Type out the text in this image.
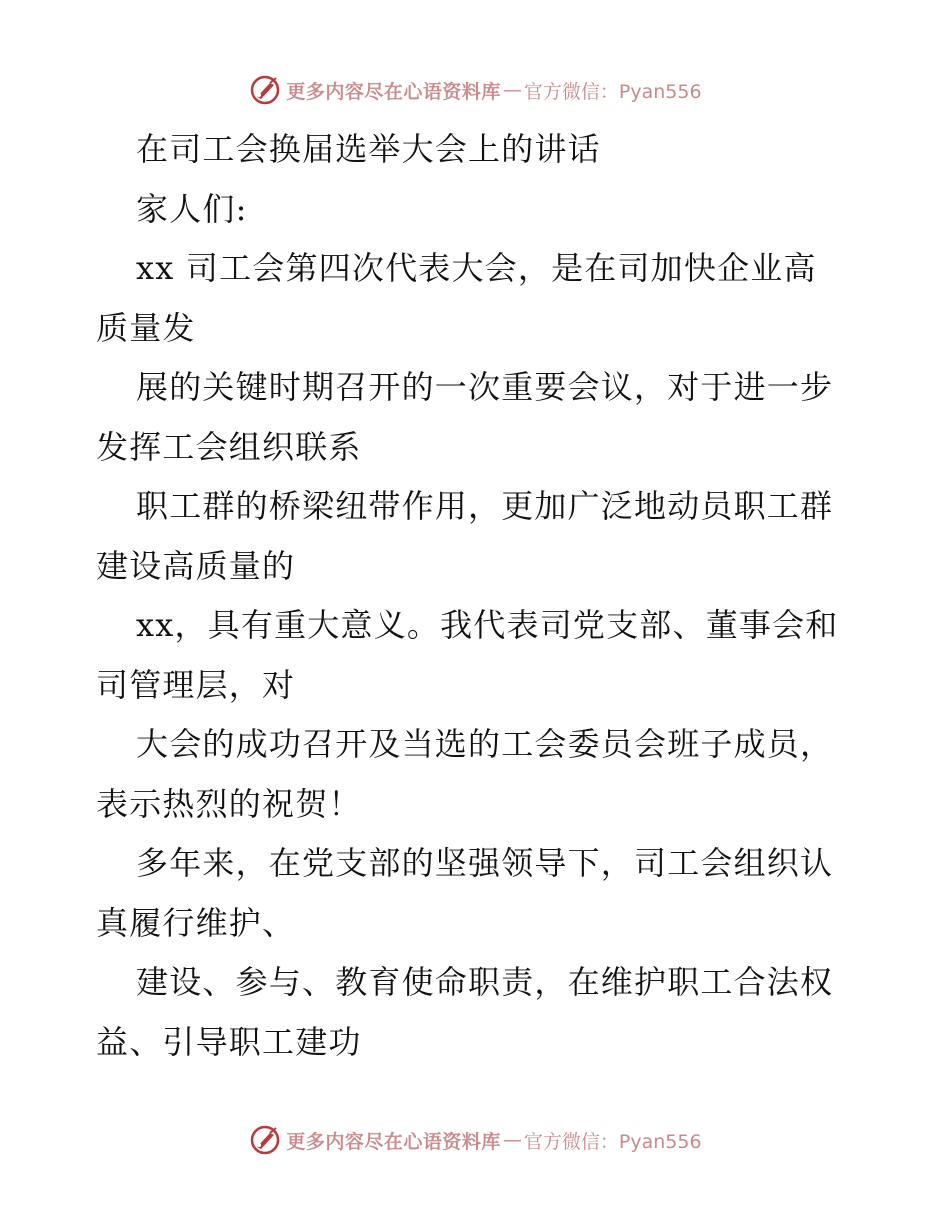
更多内容尽在心语资料库 — 官方微信：Pyan556
在司工会换届选举大会上的讲话
家人们:
xx 司工会第四次代表大会，是在司加快企业高
质量发
展的关键时期召开的一次重要会议，对于进一步
发挥工会组织联系
职工群的桥梁纽带作用，更加广泛地动员职工群
建设高质量的
xx，具有重大意义。我代表司党支部、董事会和
司管理层，对
大会的成功召开及当选的工会委员会班子成员，
表示热烈的祝贺！
多年来，在党支部的坚强领导下，司工会组织认
真履行维护、
建设、参与、教育使命职责，在维护职工合法权
益、引导职工建功
更多内容尽在心语资料库 — 官方微信：Pyan556
